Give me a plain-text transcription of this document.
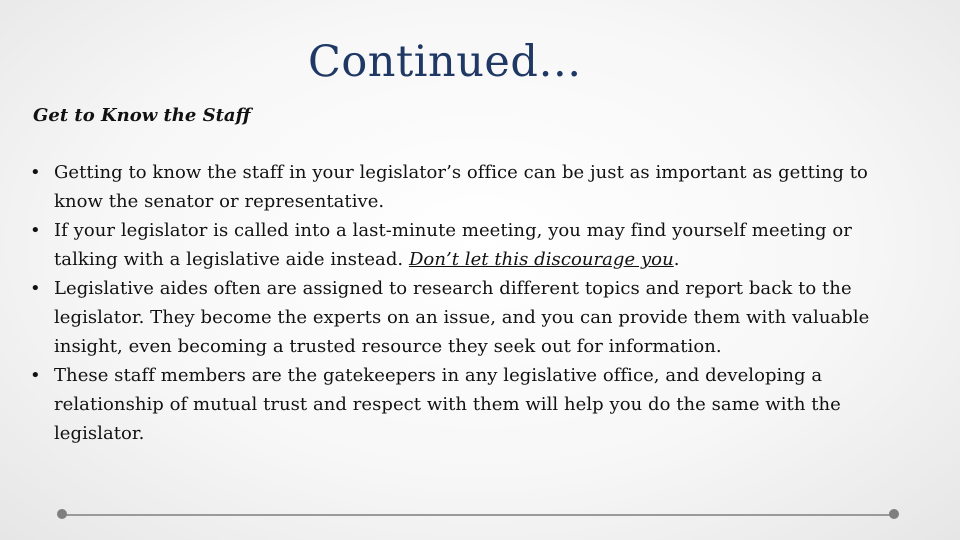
Continued…
Get to Know the Staff
• Getting to know the staff in your legislator’s office can be just as important as getting to know the senator or representative.
• If your legislator is called into a last-minute meeting, you may find yourself meeting or talking with a legislative aide instead. Don’t let this discourage you.
• Legislative aides often are assigned to research different topics and report back to the legislator. They become the experts on an issue, and you can provide them with valuable insight, even becoming a trusted resource they seek out for information.
• These staff members are the gatekeepers in any legislative office, and developing a relationship of mutual trust and respect with them will help you do the same with the legislator.
